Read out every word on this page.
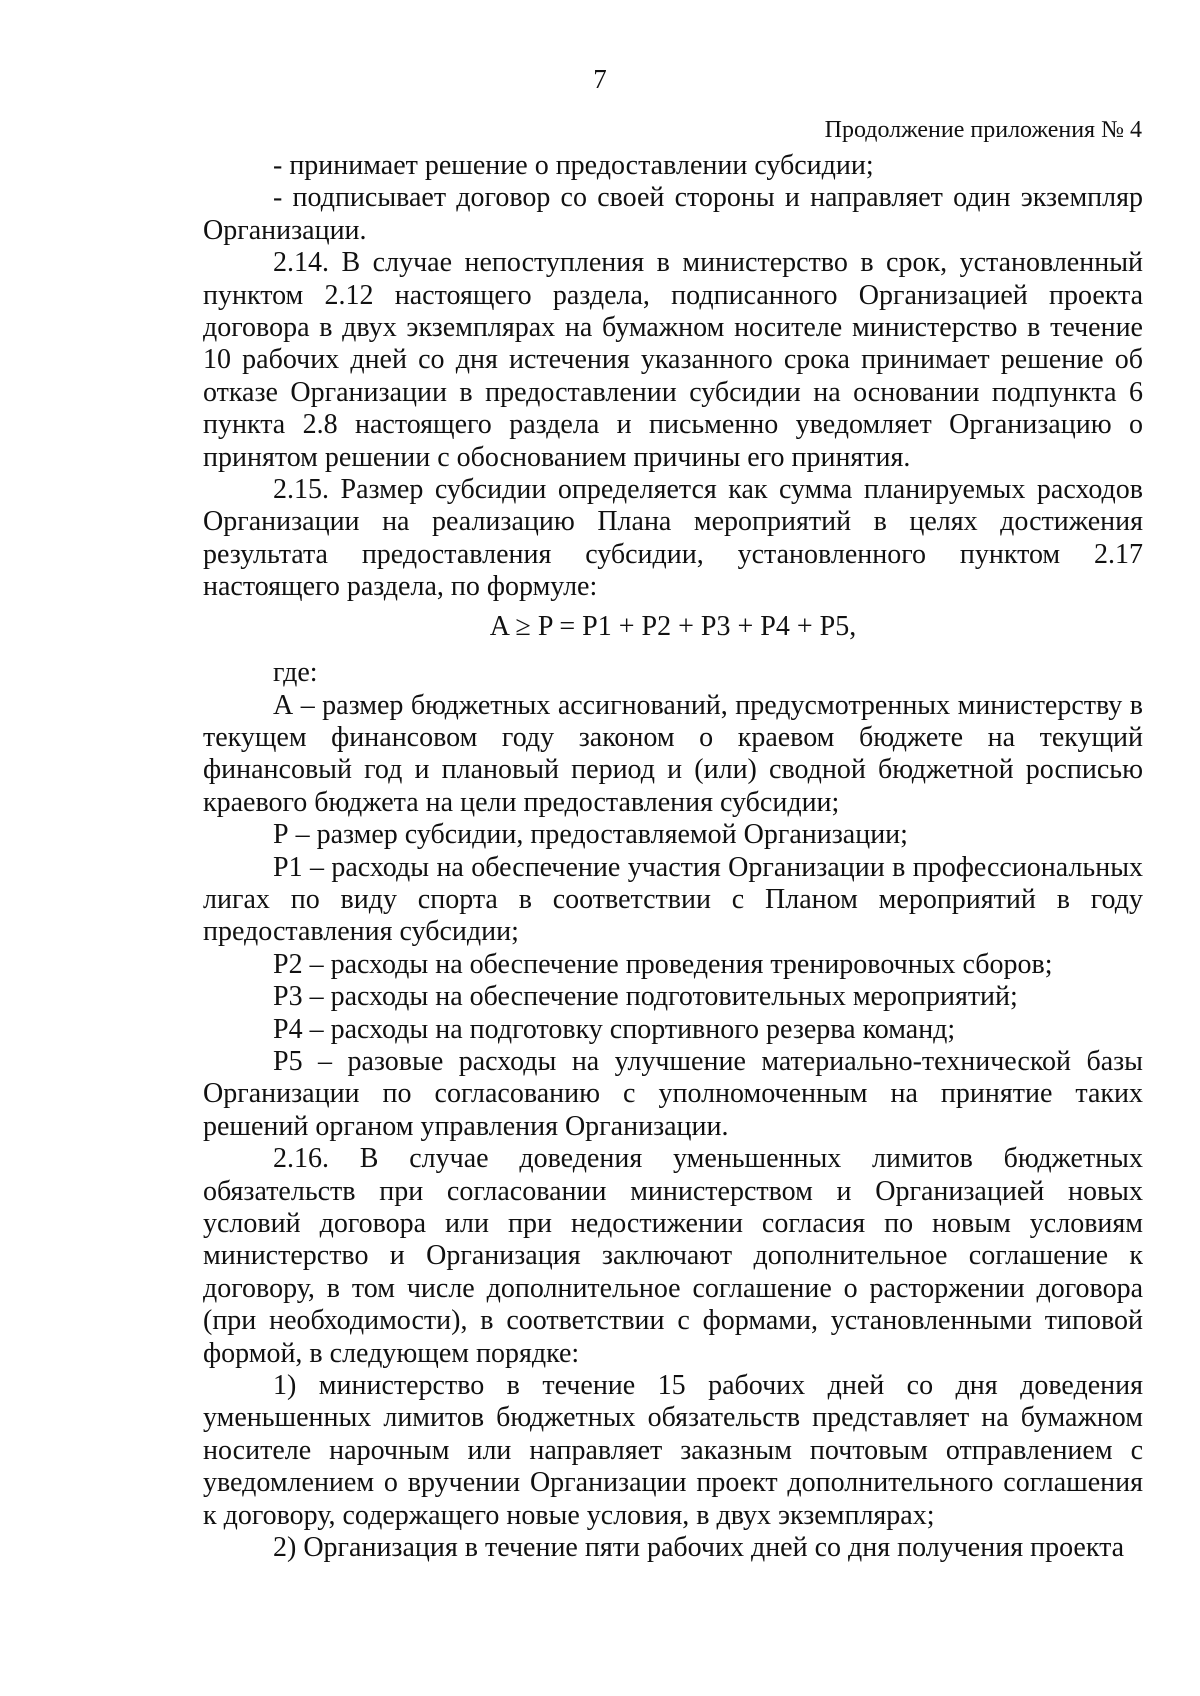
7
Продолжение приложения № 4

- принимает решение о предоставлении субсидии;

- подписывает договор со своей стороны и направляет один экземпляр Организации.

2.14. В случае непоступления в министерство в срок, установленный пунктом 2.12 настоящего раздела, подписанного Организацией проекта договора в двух экземплярах на бумажном носителе министерство в течение 10 рабочих дней со дня истечения указанного срока принимает решение об отказе Организации в предоставлении субсидии на основании подпункта 6 пункта 2.8 настоящего раздела и письменно уведомляет Организацию о принятом решении с обоснованием причины его принятия.

2.15. Размер субсидии определяется как сумма планируемых расходов Организации на реализацию Плана мероприятий в целях достижения результата предоставления субсидии, установленного пунктом 2.17 настоящего раздела, по формуле:

A ≥ P = P1 + P2 + P3 + P4 + P5,

где:

А – размер бюджетных ассигнований, предусмотренных министерству в текущем финансовом году законом о краевом бюджете на текущий финансовый год и плановый период и (или) сводной бюджетной росписью краевого бюджета на цели предоставления субсидии;

Р – размер субсидии, предоставляемой Организации;

Р1 – расходы на обеспечение участия Организации в профессиональных лигах по виду спорта в соответствии с Планом мероприятий в году предоставления субсидии;

Р2 – расходы на обеспечение проведения тренировочных сборов;

Р3 – расходы на обеспечение подготовительных мероприятий;

Р4 – расходы на подготовку спортивного резерва команд;

Р5 – разовые расходы на улучшение материально-технической базы Организации по согласованию с уполномоченным на принятие таких решений органом управления Организации.

2.16. В случае доведения уменьшенных лимитов бюджетных обязательств при согласовании министерством и Организацией новых условий договора или при недостижении согласия по новым условиям министерство и Организация заключают дополнительное соглашение к договору, в том числе дополнительное соглашение о расторжении договора (при необходимости), в соответствии с формами, установленными типовой формой, в следующем порядке:

1) министерство в течение 15 рабочих дней со дня доведения уменьшенных лимитов бюджетных обязательств представляет на бумажном носителе нарочным или направляет заказным почтовым отправлением с уведомлением о вручении Организации проект дополнительного соглашения к договору, содержащего новые условия, в двух экземплярах;

2) Организация в течение пяти рабочих дней со дня получения проекта
